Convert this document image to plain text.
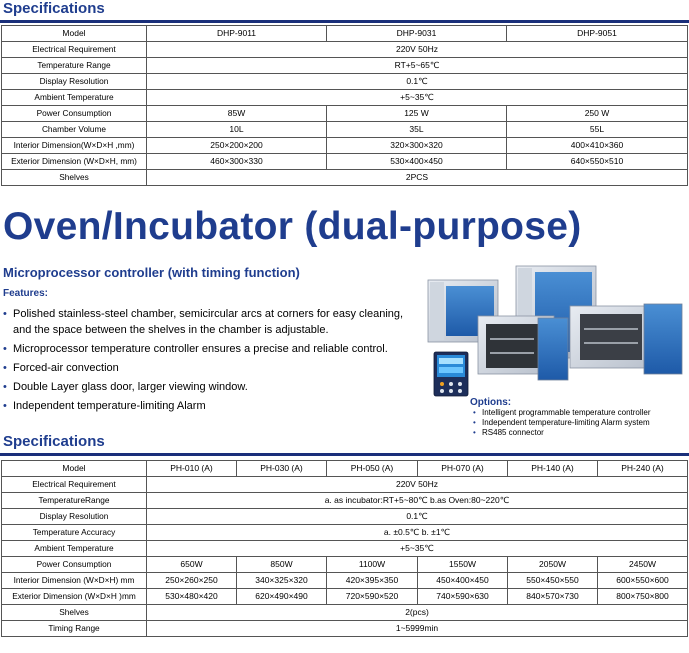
Specifications
Model	DHP-9011	DHP-9031	DHP-9051
Electrical Requirement	220V 50Hz		
Temperature Range	RT+5~65℃		
Display Resolution	0.1℃		
Ambient Temperature	+5~35℃		
Power Consumption	85W	125 W	250 W
Chamber Volume	10L	35L	55L
Interior Dimension(W×D×H ,mm)	250×200×200	320×300×320	400×410×360
Exterior Dimension (W×D×H, mm)	460×300×330	530×400×450	640×550×510
Shelves	2PCS		
Oven/Incubator (dual-purpose)
Microprocessor controller (with timing function)
Features:
• Polished stainless-steel chamber, semicircular arcs at corners for easy cleaning, and the space between the shelves in the chamber is adjustable.
• Microprocessor temperature controller ensures a precise and reliable control.
• Forced-air convection
• Double Layer glass door, larger viewing window.
• Independent temperature-limiting Alarm	Options:
• Intelligent programmable temperature controller
• Independent temperature-limiting Alarm system
• RS485 connector
Specifications
Model	PH-010 (A)	PH-030 (A)	PH-050 (A)	PH-070 (A)	PH-140 (A)	PH-240 (A)
Electrical Requirement	220V 50Hz					
TemperatureRange	a. as incubator:RT+5~80℃ b.as Oven:80~220℃					
Display Resolution	0.1℃					
Temperature Accuracy	a. ±0.5℃ b. ±1℃					
Ambient Temperature	+5~35℃					
Power Consumption	650W	850W	1100W	1550W	2050W	2450W
Interior Dimension (W×D×H) mm	250×260×250	340×325×320	420×395×350	450×400×450	550×450×550	600×550×600
Exterior Dimension (W×D×H )mm	530×480×420	620×490×490	720×590×520	740×590×630	840×570×730	800×750×800
Shelves	2(pcs)					
Timing Range	1~5999min					
